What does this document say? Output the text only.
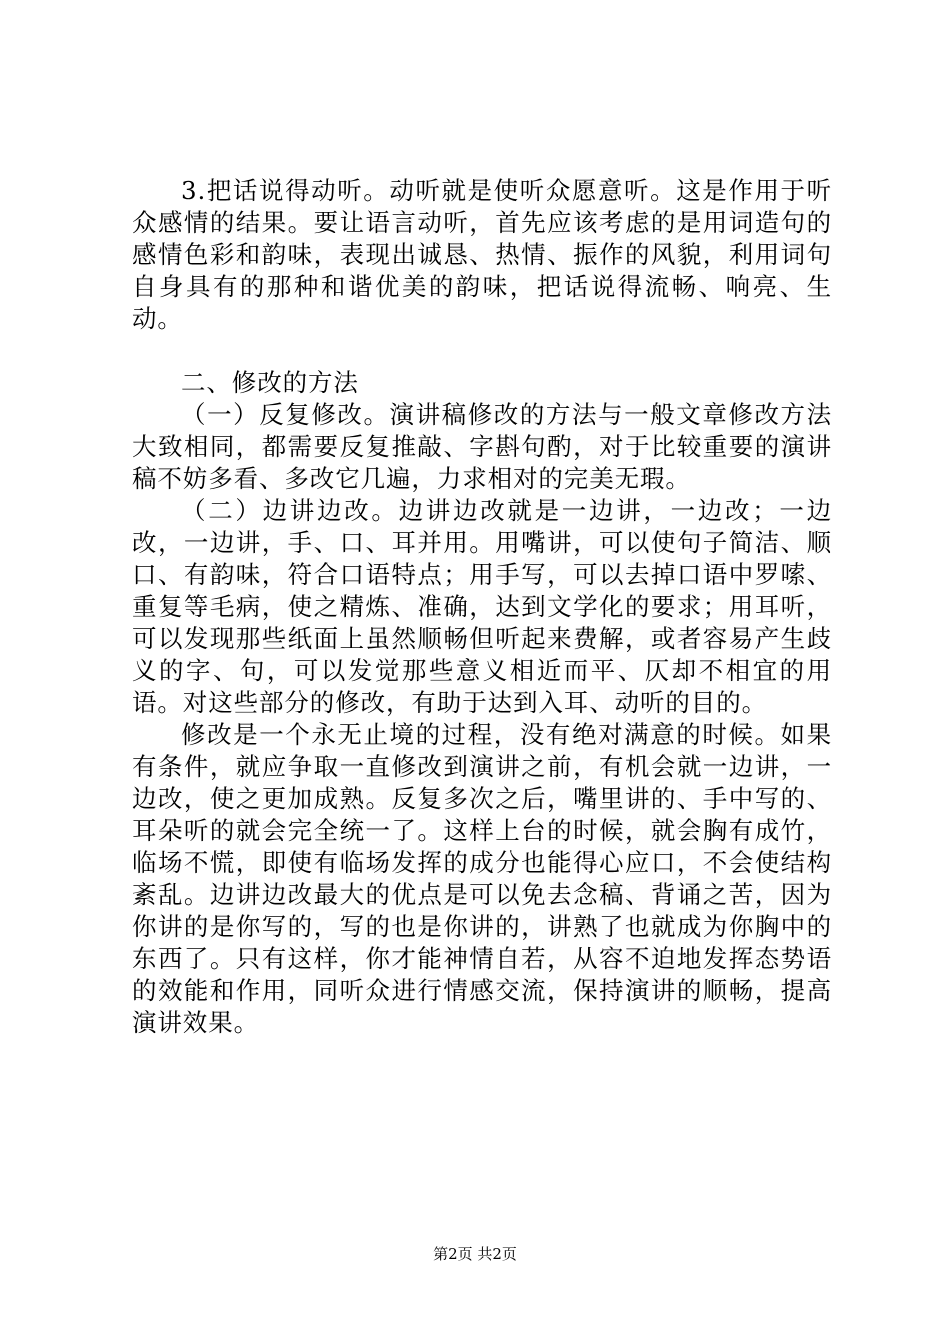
3.把话说得动听。动听就是使听众愿意听。这是作用于听众感情的结果。要让语言动听，首先应该考虑的是用词造句的感情色彩和韵味，表现出诚恳、热情、振作的风貌，利用词句自身具有的那种和谐优美的韵味，把话说得流畅、响亮、生动。

二、修改的方法

（一）反复修改。演讲稿修改的方法与一般文章修改方法大致相同，都需要反复推敲、字斟句酌，对于比较重要的演讲稿不妨多看、多改它几遍，力求相对的完美无瑕。

（二）边讲边改。边讲边改就是一边讲，一边改；一边改，一边讲，手、口、耳并用。用嘴讲，可以使句子简洁、顺口、有韵味，符合口语特点；用手写，可以去掉口语中罗嗦、重复等毛病，使之精炼、准确，达到文学化的要求；用耳听，可以发现那些纸面上虽然顺畅但听起来费解，或者容易产生歧义的字、句，可以发觉那些意义相近而平、仄却不相宜的用语。对这些部分的修改，有助于达到入耳、动听的目的。

修改是一个永无止境的过程，没有绝对满意的时候。如果有条件，就应争取一直修改到演讲之前，有机会就一边讲，一边改，使之更加成熟。反复多次之后，嘴里讲的、手中写的、耳朵听的就会完全统一了。这样上台的时候，就会胸有成竹，临场不慌，即使有临场发挥的成分也能得心应口，不会使结构紊乱。边讲边改最大的优点是可以免去念稿、背诵之苦，因为你讲的是你写的，写的也是你讲的，讲熟了也就成为你胸中的东西了。只有这样，你才能神情自若，从容不迫地发挥态势语的效能和作用，同听众进行情感交流，保持演讲的顺畅，提高演讲效果。

第2页 共2页
